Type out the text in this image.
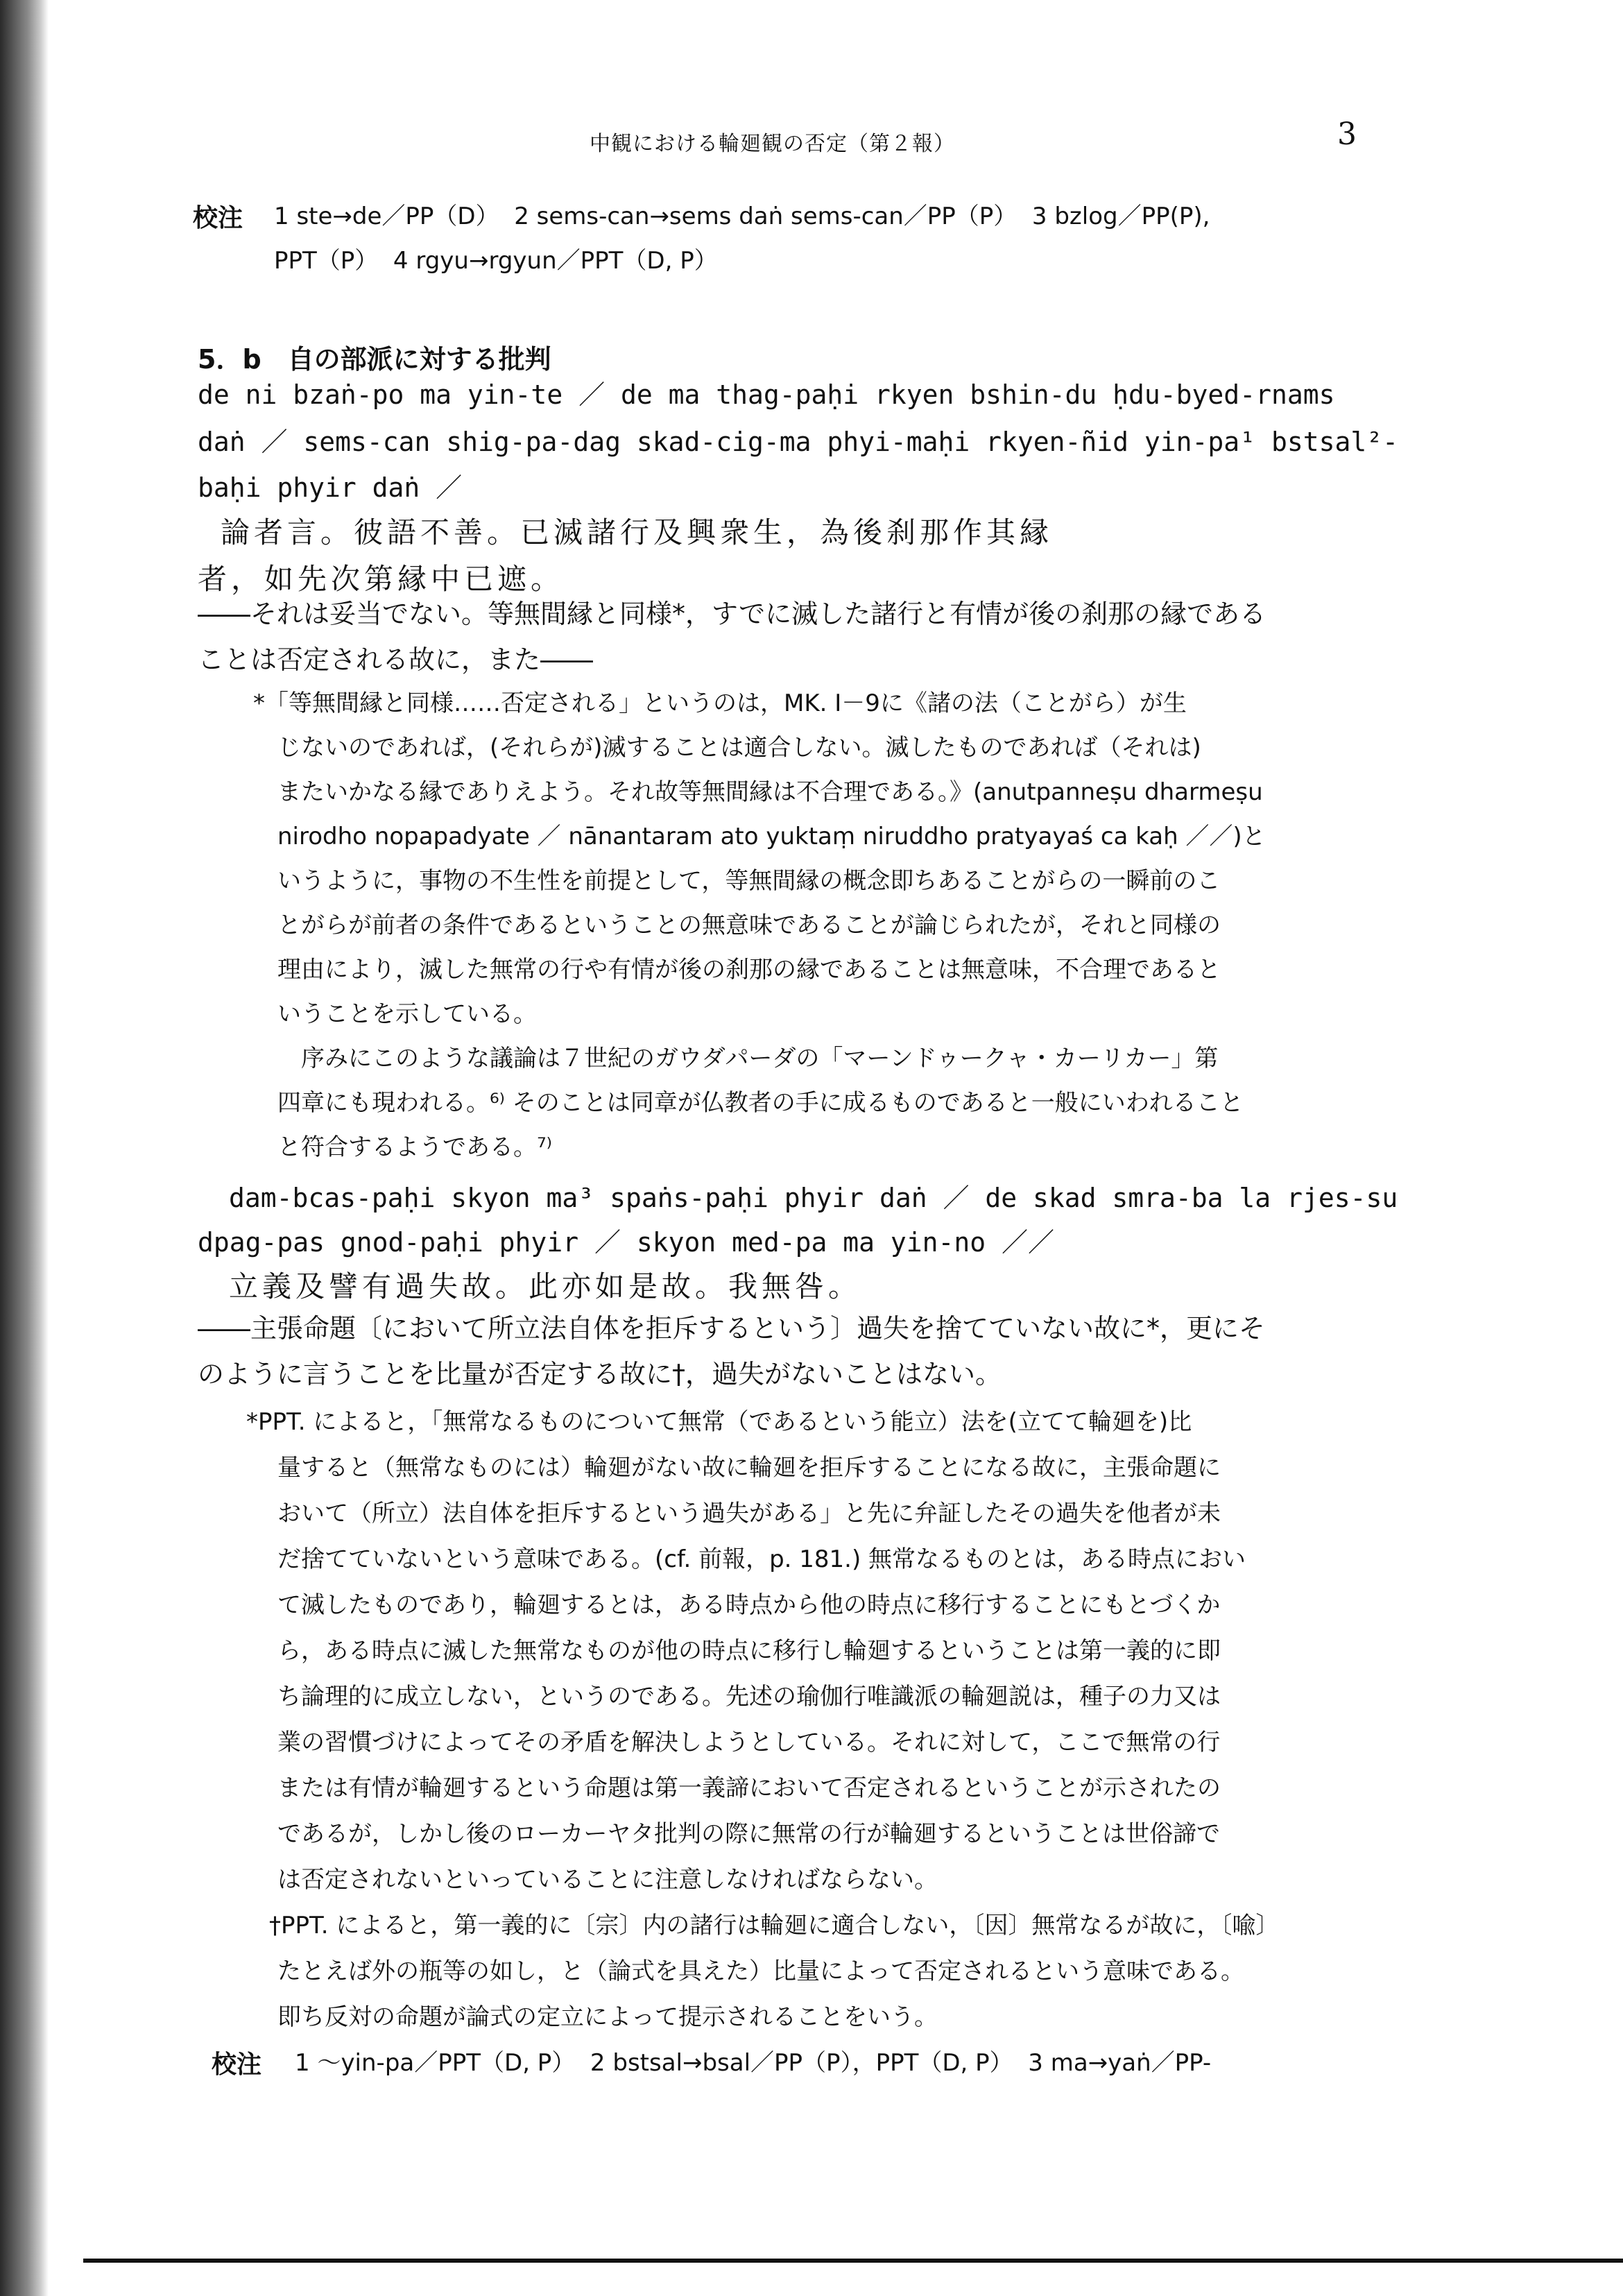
中観における輪廻観の否定（第２報）	3
校注 1 ste→de／PP（D）  2 sems-can→sems daṅ sems-can／PP（P）  3 bzlog／PP(P),
PPT（P）  4 rgyu→rgyun／PPT（D, P）
5．b　自の部派に対する批判
de ni bzaṅ-po ma yin-te ／ de ma thag-paḥi rkyen bshin-du ḥdu-byed-rnams
daṅ ／ sems-can shig-pa-dag skad-cig-ma phyi-maḥi rkyen-ñid yin-pa¹ bstsal²-
baḥi phyir daṅ ／
論者言。彼語不善。已滅諸行及興衆生，為後刹那作其縁
者，如先次第縁中已遮。
――それは妥当でない。等無間縁と同様*，すでに滅した諸行と有情が後の刹那の縁である
ことは否定される故に，また――
*「等無間縁と同様……否定される」というのは，MK. I－9に《諸の法（ことがら）が生
じないのであれば，(それらが)滅することは適合しない。滅したものであれば（それは)
またいかなる縁でありえよう。それ故等無間縁は不合理である。》(anutpanneṣu dharmeṣu
nirodho nopapadyate ／ nānantaram ato yuktaṃ niruddho pratyayaś ca kaḥ ／／)と
いうように，事物の不生性を前提として，等無間縁の概念即ちあることがらの一瞬前のこ
とがらが前者の条件であるということの無意味であることが論じられたが，それと同様の
理由により，滅した無常の行や有情が後の刹那の縁であることは無意味，不合理であると
いうことを示している。
　序みにこのような議論は７世紀のガウダパーダの「マーンドゥークャ・カーリカー」第
四章にも現われる。⁶⁾ そのことは同章が仏教者の手に成るものであると一般にいわれること
と符合するようである。⁷⁾
dam-bcas-paḥi skyon ma³ spaṅs-paḥi phyir daṅ ／ de skad smra-ba la rjes-su
dpag-pas gnod-paḥi phyir ／ skyon med-pa ma yin-no ／／
立義及譬有過失故。此亦如是故。我無咎。
――主張命題〔において所立法自体を拒斥するという〕過失を捨てていない故に*，更にそ
のように言うことを比量が否定する故に†，過失がないことはない。
*PPT. によると，「無常なるものについて無常（であるという能立）法を(立てて輪廻を)比
量すると（無常なものには）輪廻がない故に輪廻を拒斥することになる故に，主張命題に
おいて（所立）法自体を拒斥するという過失がある」と先に弁証したその過失を他者が未
だ捨てていないという意味である。(cf. 前報，p. 181.) 無常なるものとは，ある時点におい
て滅したものであり，輪廻するとは，ある時点から他の時点に移行することにもとづくか
ら，ある時点に滅した無常なものが他の時点に移行し輪廻するということは第一義的に即
ち論理的に成立しない，というのである。先述の瑜伽行唯識派の輪廻説は，種子の力又は
業の習慣づけによってその矛盾を解決しようとしている。それに対して，ここで無常の行
または有情が輪廻するという命題は第一義諦において否定されるということが示されたの
であるが，しかし後のローカーヤタ批判の際に無常の行が輪廻するということは世俗諦で
は否定されないといっていることに注意しなければならない。
†PPT. によると，第一義的に〔宗〕内の諸行は輪廻に適合しない，〔因〕無常なるが故に，〔喩〕
たとえば外の瓶等の如し，と（論式を具えた）比量によって否定されるという意味である。
即ち反対の命題が論式の定立によって提示されることをいう。
校注 1 ～yin-pa／PPT（D, P）  2 bstsal→bsal／PP（P），PPT（D, P）  3 ma→yaṅ／PP-
